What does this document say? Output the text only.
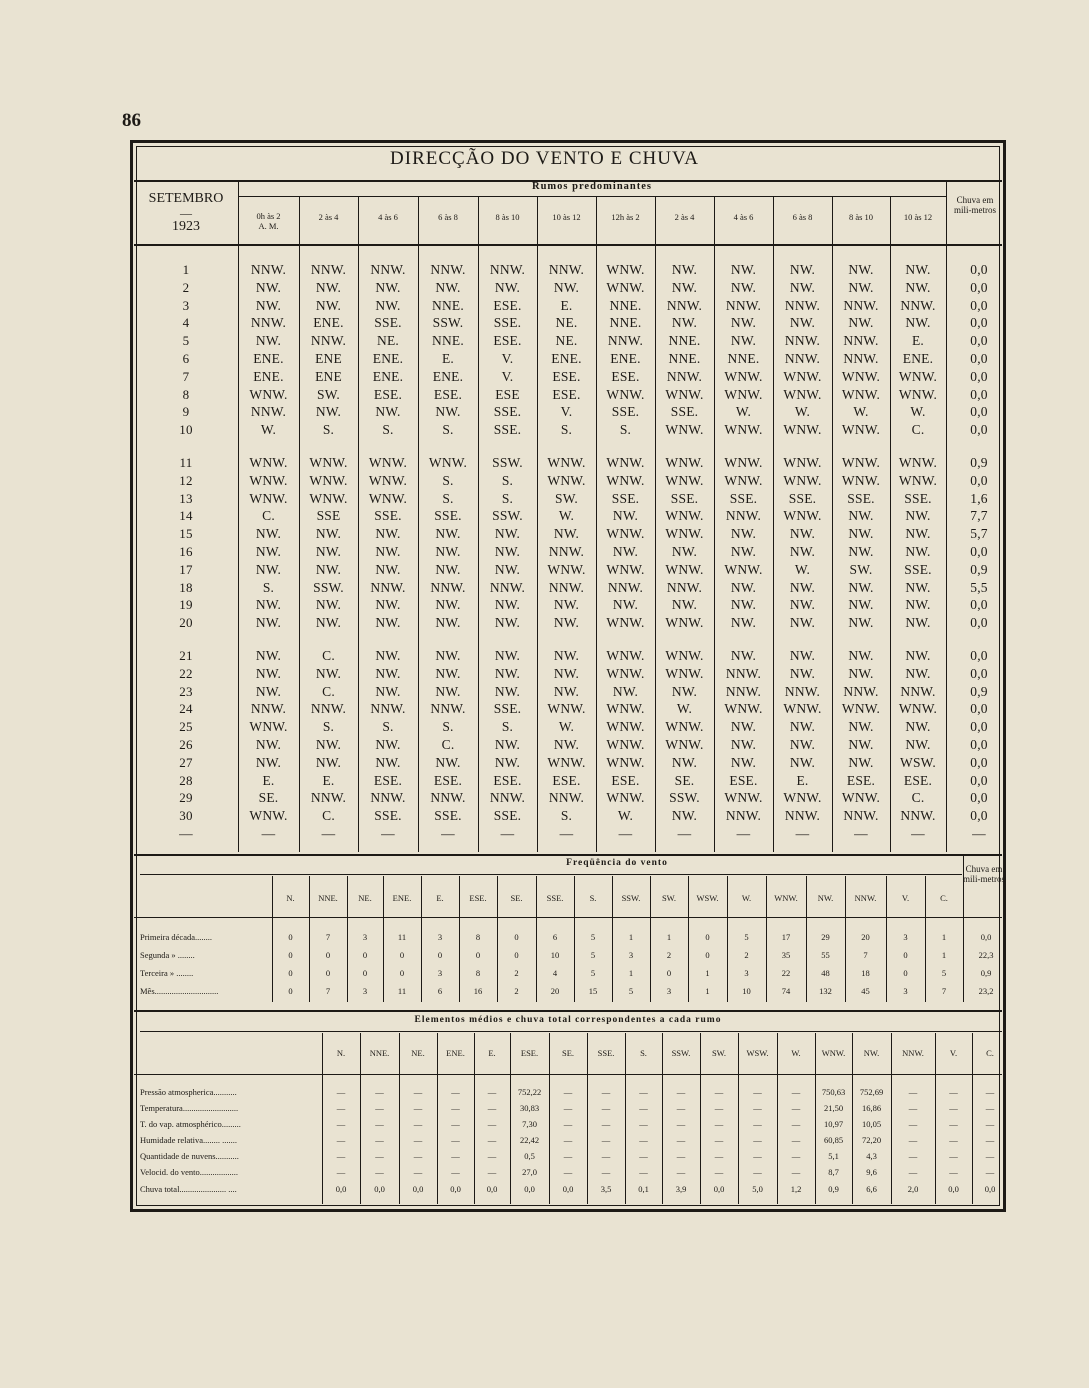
86
DIRECÇÃO DO VENTO E CHUVA
SETEMBRO
—
1923
Rumos predominantes
Chuva em mili-metros
0h às 2 A. M.
2 às 4	4 às 6	6 às 8	8 às 10	10 às 12	12h às 2	2 às 4	4 às 6	6 às 8	8 às 10	10 às 12
1	NNW.	NNW.	NNW.	NNW.	NNW.	NNW.	WNW.	NW.	NW.	NW.	NW.	NW.	0,0
2	NW.	NW.	NW.	NW.	NW.	NW.	WNW.	NW.	NW.	NW.	NW.	NW.	0,0
3	NW.	NW.	NW.	NNE.	ESE.	E.	NNE.	NNW.	NNW.	NNW.	NNW.	NNW.	0,0
4	NNW.	ENE.	SSE.	SSW.	SSE.	NE.	NNE.	NW.	NW.	NW.	NW.	NW.	0,0
5	NW.	NNW.	NE.	NNE.	ESE.	NE.	NNW.	NNE.	NW.	NNW.	NNW.	E.	0,0
6	ENE.	ENE	ENE.	E.	V.	ENE.	ENE.	NNE.	NNE.	NNW.	NNW.	ENE.	0,0
7	ENE.	ENE	ENE.	ENE.	V.	ESE.	ESE.	NNW.	WNW.	WNW.	WNW.	WNW.	0,0
8	WNW.	SW.	ESE.	ESE.	ESE	ESE.	WNW.	WNW.	WNW.	WNW.	WNW.	WNW.	0,0
9	NNW.	NW.	NW.	NW.	SSE.	V.	SSE.	SSE.	W.	W.	W.	W.	0,0
10	W.	S.	S.	S.	SSE.	S.	S.	WNW.	WNW.	WNW.	WNW.	C.	0,0
11	WNW.	WNW.	WNW.	WNW.	SSW.	WNW.	WNW.	WNW.	WNW.	WNW.	WNW.	WNW.	0,9
12	WNW.	WNW.	WNW.	S.	S.	WNW.	WNW.	WNW.	WNW.	WNW.	WNW.	WNW.	0,0
13	WNW.	WNW.	WNW.	S.	S.	SW.	SSE.	SSE.	SSE.	SSE.	SSE.	SSE.	1,6
14	C.	SSE	SSE.	SSE.	SSW.	W.	NW.	WNW.	NNW.	WNW.	NW.	NW.	7,7
15	NW.	NW.	NW.	NW.	NW.	NW.	WNW.	WNW.	NW.	NW.	NW.	NW.	5,7
16	NW.	NW.	NW.	NW.	NW.	NNW.	NW.	NW.	NW.	NW.	NW.	NW.	0,0
17	NW.	NW.	NW.	NW.	NW.	WNW.	WNW.	WNW.	WNW.	W.	SW.	SSE.	0,9
18	S.	SSW.	NNW.	NNW.	NNW.	NNW.	NNW.	NNW.	NW.	NW.	NW.	NW.	5,5
19	NW.	NW.	NW.	NW.	NW.	NW.	NW.	NW.	NW.	NW.	NW.	NW.	0,0
20	NW.	NW.	NW.	NW.	NW.	NW.	WNW.	WNW.	NW.	NW.	NW.	NW.	0,0
21	NW.	C.	NW.	NW.	NW.	NW.	WNW.	WNW.	NW.	NW.	NW.	NW.	0,0
22	NW.	NW.	NW.	NW.	NW.	NW.	WNW.	WNW.	NNW.	NW.	NW.	NW.	0,0
23	NW.	C.	NW.	NW.	NW.	NW.	NW.	NW.	NNW.	NNW.	NNW.	NNW.	0,9
24	NNW.	NNW.	NNW.	NNW.	SSE.	WNW.	WNW.	W.	WNW.	WNW.	WNW.	WNW.	0,0
25	WNW.	S.	S.	S.	S.	W.	WNW.	WNW.	NW.	NW.	NW.	NW.	0,0
26	NW.	NW.	NW.	C.	NW.	NW.	WNW.	WNW.	NW.	NW.	NW.	NW.	0,0
27	NW.	NW.	NW.	NW.	NW.	WNW.	WNW.	NW.	NW.	NW.	NW.	WSW.	0,0
28	E.	E.	ESE.	ESE.	ESE.	ESE.	ESE.	SE.	ESE.	E.	ESE.	ESE.	0,0
29	SE.	NNW.	NNW.	NNW.	NNW.	NNW.	WNW.	SSW.	WNW.	WNW.	WNW.	C.	0,0
30	WNW.	C.	SSE.	SSE.	SSE.	S.	W.	NW.	NNW.	NNW.	NNW.	NNW.	0,0
—	—	—	—	—	—	—	—	—	—	—	—	—	—
Freqüência do vento
Chuva em mili-metros
N.	NNE.	NE.	ENE.	E.	ESE.	SE.	SSE.	S.	SSW.	SW.	WSW.	W.	WNW.	NW.	NNW.	V.	C.
Primeira década........	0	7	3	11	3	8	0	6	5	1	1	0	5	17	29	20	3	1	0,0
Segunda » ........	0	0	0	0	0	0	0	10	5	3	2	0	2	35	55	7	0	1	22,3
Terceira » ........	0	0	0	0	3	8	2	4	5	1	0	1	3	22	48	18	0	5	0,9
Mês..............................	0	7	3	11	6	16	2	20	15	5	3	1	10	74	132	45	3	7	23,2
Elementos médios e chuva total correspondentes a cada rumo
N.	NNE.	NE.	ENE.	E.	ESE.	SE.	SSE.	S.	SSW.	SW.	WSW.	W.	WNW.	NW.	NNW.	V.	C.
Pressão atmospherica...........	—	—	—	—	—	752,22	—	—	—	—	—	—	—	750,63	752,69	—	—	—
Temperatura..........................	—	—	—	—	—	30,83	—	—	—	—	—	—	—	21,50	16,86	—	—	—
T. do vap. atmosphérico.........	—	—	—	—	—	7,30	—	—	—	—	—	—	—	10,97	10,05	—	—	—
Humidade relativa........ .......	—	—	—	—	—	22,42	—	—	—	—	—	—	—	60,85	72,20	—	—	—
Quantidade de nuvens...........	—	—	—	—	—	0,5	—	—	—	—	—	—	—	5,1	4,3	—	—	—
Velocid. do vento..................	—	—	—	—	—	27,0	—	—	—	—	—	—	—	8,7	9,6	—	—	—
Chuva total...................... ....	0,0	0,0	0,0	0,0	0,0	0,0	0,0	3,5	0,1	3,9	0,0	5,0	1,2	0,9	6,6	2,0	0,0	0,0
